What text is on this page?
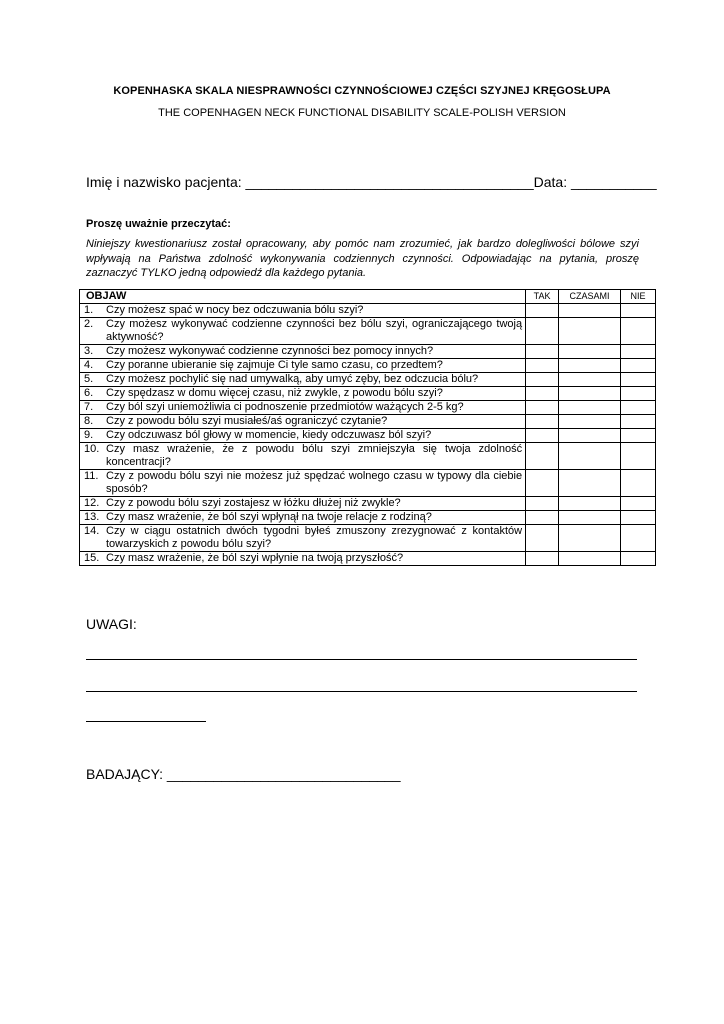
KOPENHASKA SKALA NIESPRAWNOŚCI CZYNNOŚCIOWEJ CZĘŚCI SZYJNEJ KRĘGOSŁUPA
THE COPENHAGEN NECK FUNCTIONAL DISABILITY SCALE-POLISH VERSION
Imię i nazwisko pacjenta: _____________________________________Data: ___________
Proszę uważnie przeczytać:
Niniejszy kwestionariusz został opracowany, aby pomóc nam zrozumieć, jak bardzo dolegliwości bólowe szyi wpływają na Państwa zdolność wykonywania codziennych czynności. Odpowiadając na pytania, proszę zaznaczyć TYLKO jedną odpowiedź dla każdego pytania.
OBJAW	TAK	CZASAMI	NIE

1. Czy możesz spać w nocy bez odczuwania bólu szyi?			

2. Czy możesz wykonywać codzienne czynności bez bólu szyi, ograniczającego twoją aktywność?			

3. Czy możesz wykonywać codzienne czynności bez pomocy innych?			

4. Czy poranne ubieranie się zajmuje Ci tyle samo czasu, co przedtem?			

5. Czy możesz pochylić się nad umywalką, aby umyć zęby, bez odczucia bólu?			

6. Czy spędzasz w domu więcej czasu, niż zwykle, z powodu bólu szyi?			

7. Czy ból szyi uniemożliwia ci podnoszenie przedmiotów ważących 2-5 kg?			

8. Czy z powodu bólu szyi musiałeś/aś ograniczyć czytanie?			

9. Czy odczuwasz ból głowy w momencie, kiedy odczuwasz ból szyi?			

10. Czy masz wrażenie, że z powodu bólu szyi zmniejszyła się twoja zdolność koncentracji?			

11. Czy z powodu bólu szyi nie możesz już spędzać wolnego czasu w typowy dla ciebie sposób?			

12. Czy z powodu bólu szyi zostajesz w łóżku dłużej niż zwykle?			

13. Czy masz wrażenie, że ból szyi wpłynął na twoje relacje z rodziną?			

14. Czy w ciągu ostatnich dwóch tygodni byłeś zmuszony zrezygnować z kontaktów towarzyskich z powodu bólu szyi?			

15. Czy masz wrażenie, że ból szyi wpłynie na twoją przyszłość?			

UWAGI:
BADAJĄCY: ______________________________
